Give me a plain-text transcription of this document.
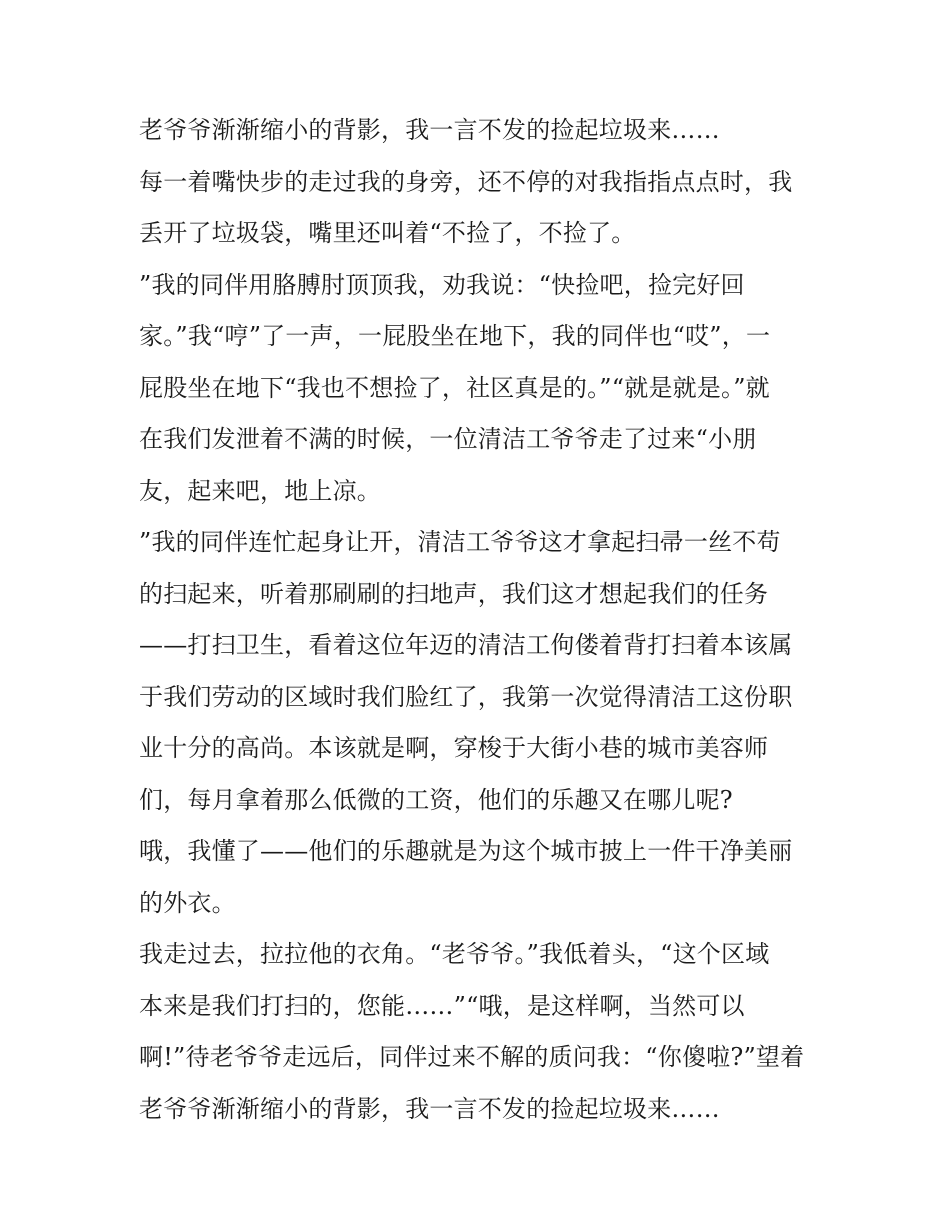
老爷爷渐渐缩小的背影，我一言不发的捡起垃圾来……
每一着嘴快步的走过我的身旁，还不停的对我指指点点时，我
丢开了垃圾袋，嘴里还叫着“不捡了，不捡了。
”我的同伴用胳膊肘顶顶我，劝我说：“快捡吧，捡完好回
家。”我“哼”了一声，一屁股坐在地下，我的同伴也“哎”，一
屁股坐在地下“我也不想捡了，社区真是的。”“就是就是。”就
在我们发泄着不满的时候，一位清洁工爷爷走了过来“小朋
友，起来吧，地上凉。
”我的同伴连忙起身让开，清洁工爷爷这才拿起扫帚一丝不苟
的扫起来，听着那刷刷的扫地声，我们这才想起我们的任务
——打扫卫生，看着这位年迈的清洁工佝偻着背打扫着本该属
于我们劳动的区域时我们脸红了，我第一次觉得清洁工这份职
业十分的高尚。本该就是啊，穿梭于大街小巷的城市美容师
们，每月拿着那么低微的工资，他们的乐趣又在哪儿呢?
哦，我懂了——他们的乐趣就是为这个城市披上一件干净美丽
的外衣。
我走过去，拉拉他的衣角。“老爷爷。”我低着头，“这个区域
本来是我们打扫的，您能……”“哦，是这样啊，当然可以
啊!”待老爷爷走远后，同伴过来不解的质问我：“你傻啦?”望着
老爷爷渐渐缩小的背影，我一言不发的捡起垃圾来……
